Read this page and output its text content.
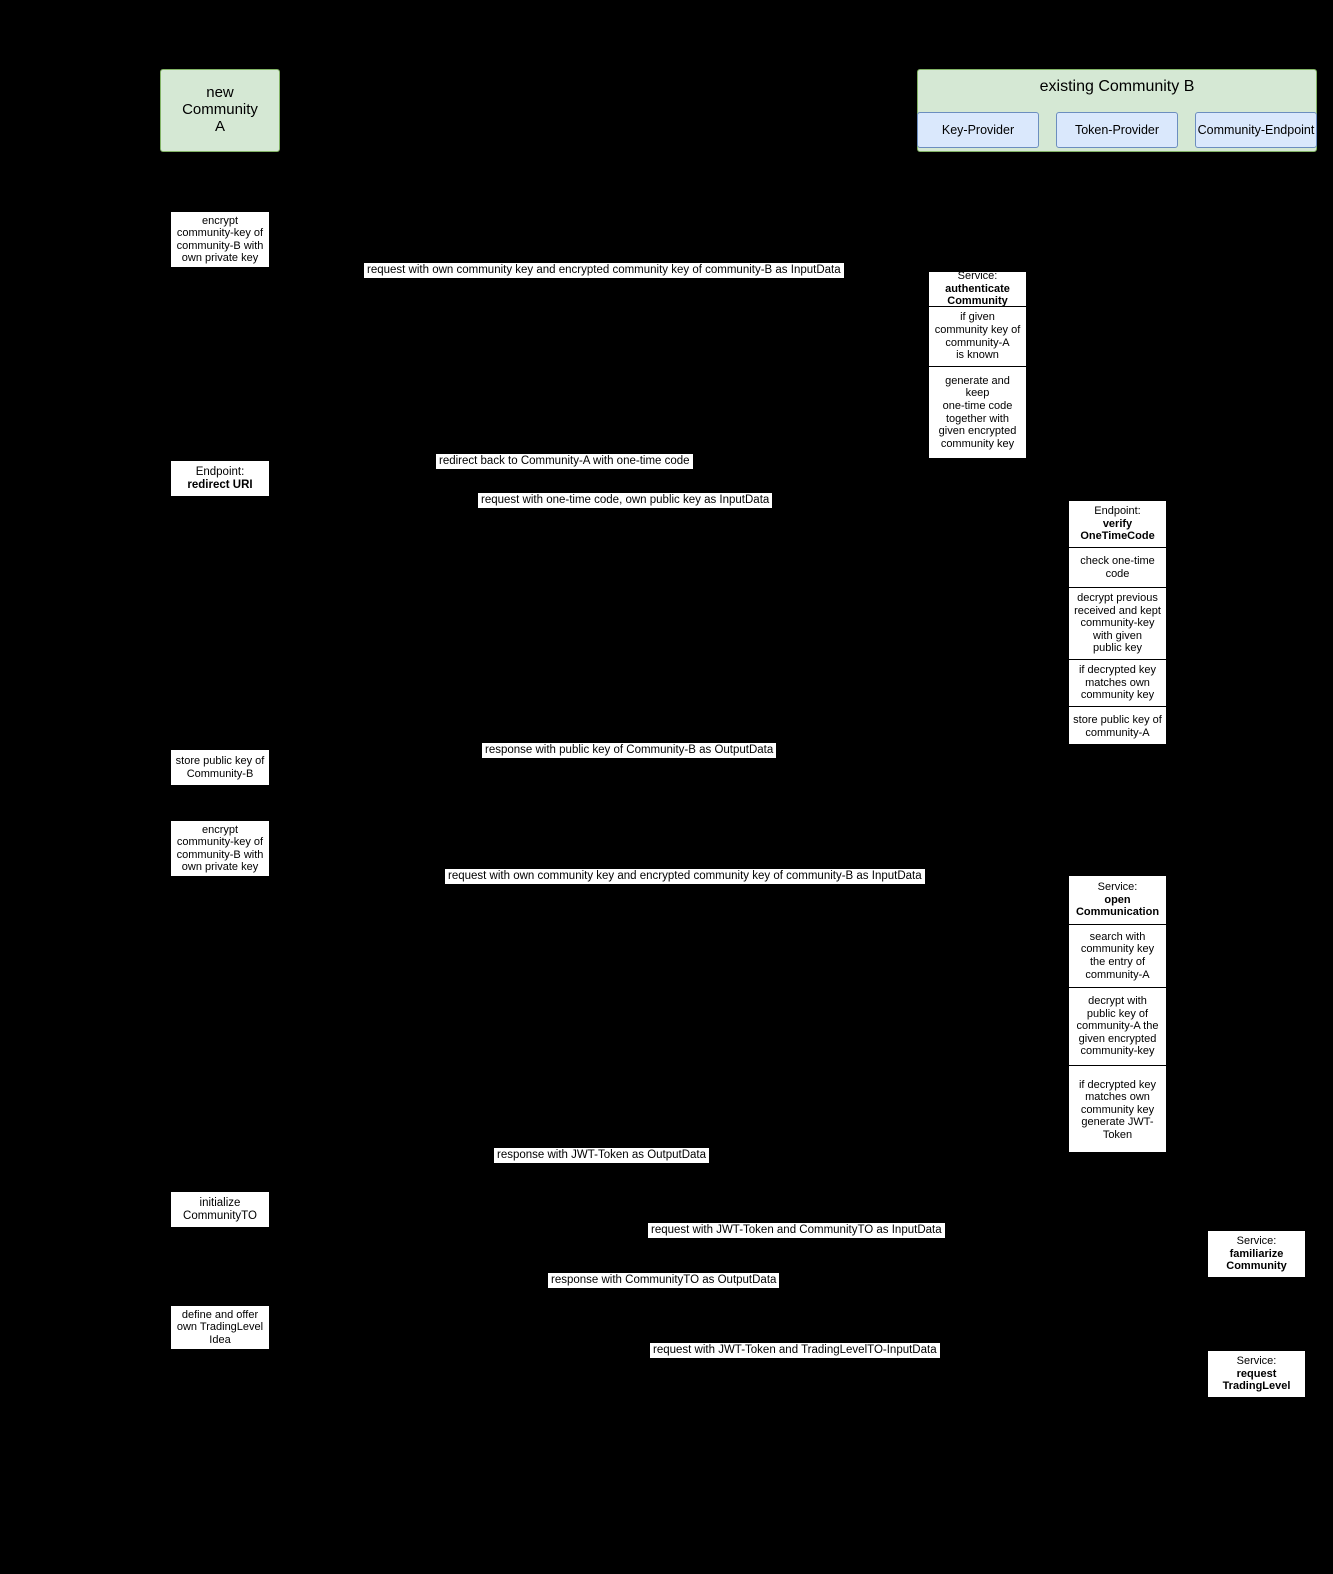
new
Community
A
existing Community B
Key-Provider	Token-Provider	Community-Endpoint
encrypt
community-key of
community-B with
own private key
Endpoint:
redirect URI
store public key of
Community-B
encrypt
community-key of
community-B with
own private key
initialize
CommunityTO
define and offer
own TradingLevel
Idea
request with own community key and encrypted community key of community-B as InputData
redirect back to Community-A with one-time code
request with one-time code, own public key as InputData
response with public key of Community-B as OutputData
request with own community key and encrypted community key of community-B as InputData
response with JWT-Token as OutputData
request with JWT-Token and CommunityTO as InputData
response with CommunityTO as OutputData
request with JWT-Token and TradingLevelTO-InputData
Service:
authenticate
Community
if given
community key of
community-A
is known
generate and
keep
one-time code
together with
given encrypted
community key
Endpoint:
verify
OneTimeCode
check one-time
code
decrypt previous
received and kept
community-key
with given
public key
if decrypted key
matches own
community key
store public key of
community-A
Service:
open
Communication
search with
community key
the entry of
community-A
decrypt with
public key of
community-A the
given encrypted
community-key
if decrypted key
matches own
community key
generate JWT-
Token
Service:
familiarize
Community
Service:
request
TradingLevel
